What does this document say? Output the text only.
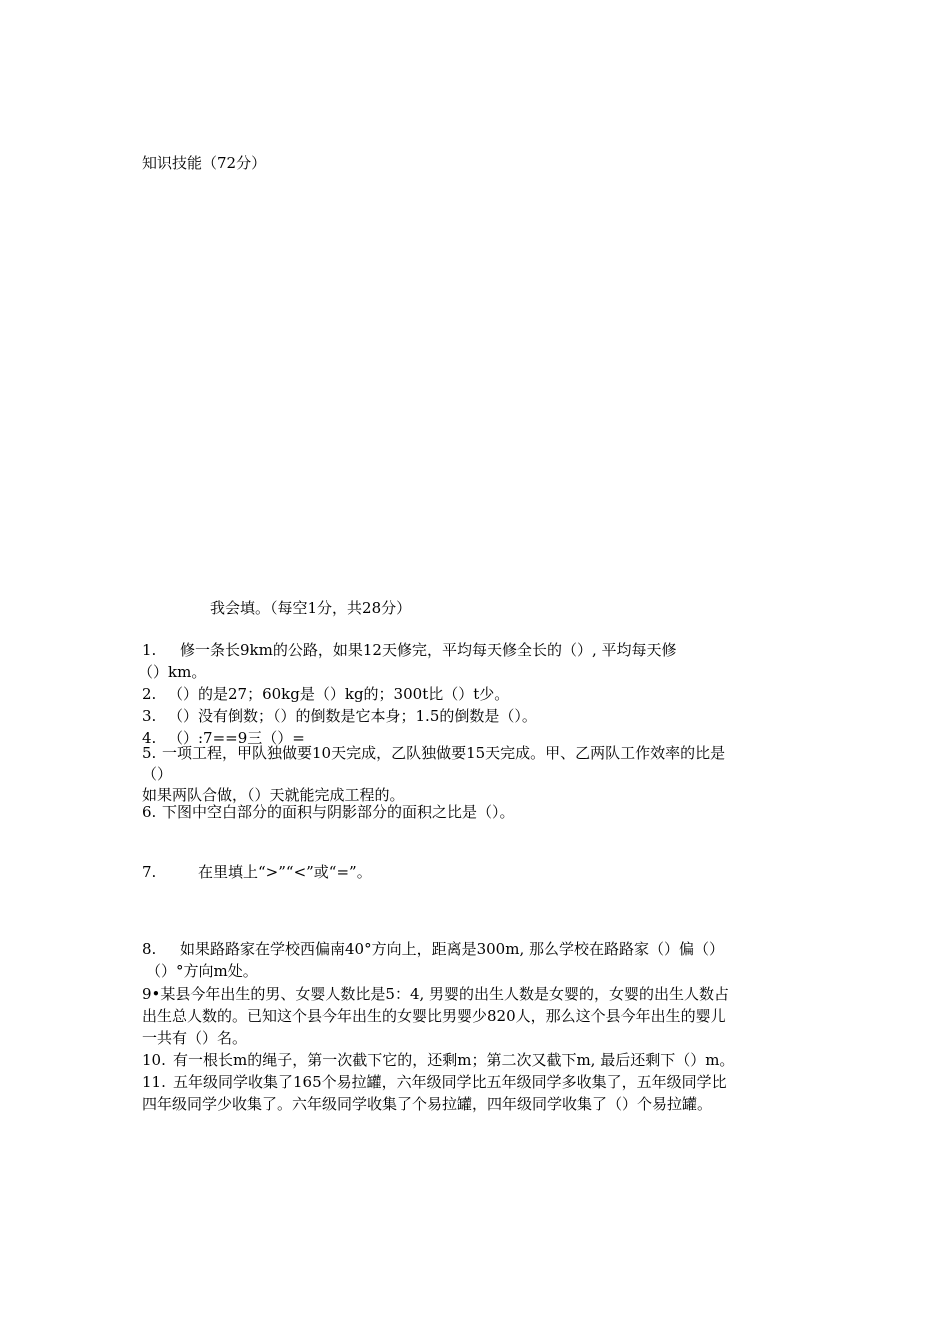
知识技能（72分）
我会填。（每空1分，共28分）
1. 修一条长9km的公路，如果12天修完，平均每天修全长的（）, 平均每天修
（）km。
2. （）的是27；60kg是（）kg的；300t比（）t少。
3. （）没有倒数；（）的倒数是它本身；1.5的倒数是（）。
4. （）:7==9三（）=
5. 一项工程，甲队独做要10天完成，乙队独做要15天完成。甲、乙两队工作效率的比是
（）
如果两队合做，（）天就能完成工程的。
6. 下图中空白部分的面积与阴影部分的面积之比是（）。
7.	在里填上“>”“<”或“=”。
8. 如果路路家在学校西偏南40°方向上，距离是300m, 那么学校在路路家（）偏（）
（）°方向m处。
9•某县今年出生的男、女婴人数比是5：4, 男婴的出生人数是女婴的，女婴的出生人数占
出生总人数的。已知这个县今年出生的女婴比男婴少820人，那么这个县今年出生的婴儿
一共有（）名。
10. 有一根长m的绳子，第一次截下它的，还剩m；第二次又截下m, 最后还剩下（）m。
11. 五年级同学收集了165个易拉罐，六年级同学比五年级同学多收集了，五年级同学比
四年级同学少收集了。六年级同学收集了个易拉罐，四年级同学收集了（）个易拉罐。
